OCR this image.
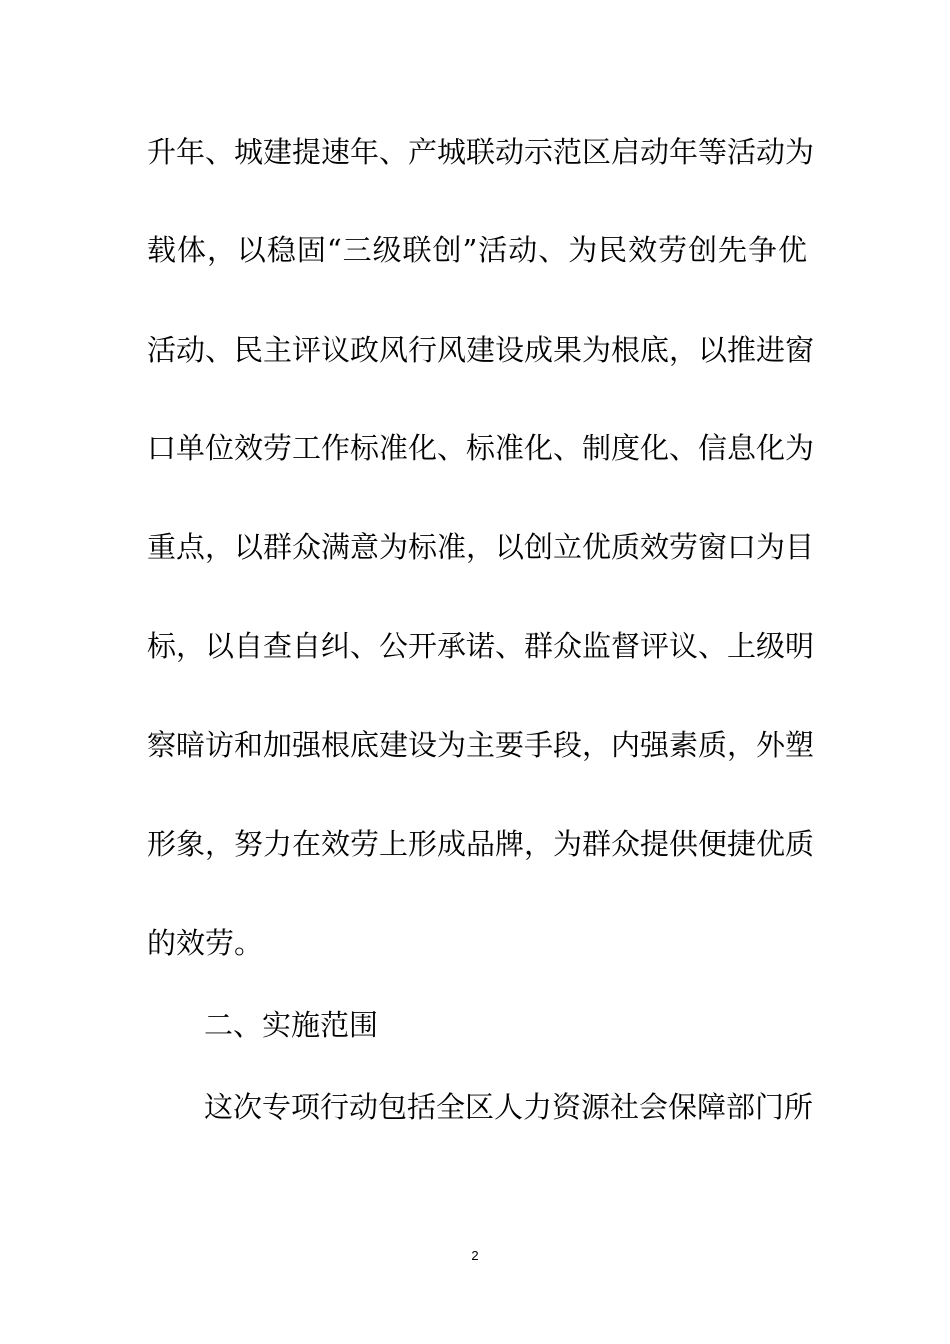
升年、城建提速年、产城联动示范区启动年等活动为
载体，以稳固“三级联创”活动、为民效劳创先争优
活动、民主评议政风行风建设成果为根底，以推进窗
口单位效劳工作标准化、标准化、制度化、信息化为
重点，以群众满意为标准，以创立优质效劳窗口为目
标，以自查自纠、公开承诺、群众监督评议、上级明
察暗访和加强根底建设为主要手段，内强素质，外塑
形象，努力在效劳上形成品牌，为群众提供便捷优质
的效劳。
二、实施范围
这次专项行动包括全区人力资源社会保障部门所
2
